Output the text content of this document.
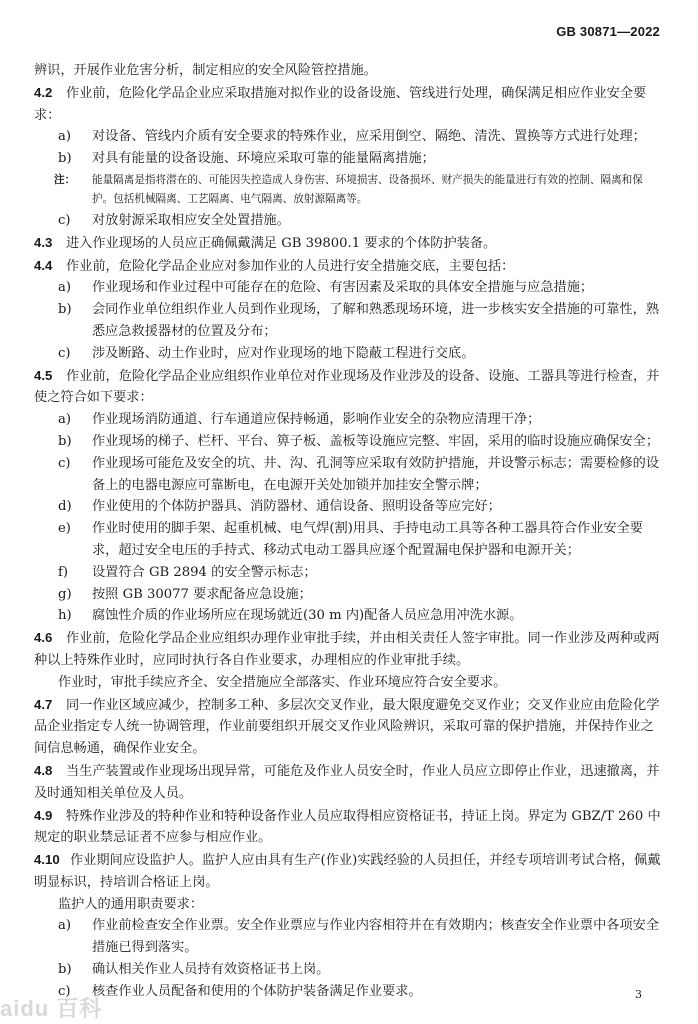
GB 30871—2022

辨识，开展作业危害分析，制定相应的安全风险管控措施。

4.2 作业前，危险化学品企业应采取措施对拟作业的设备设施、管线进行处理，确保满足相应作业安全要求：

a) 对设备、管线内介质有安全要求的特殊作业，应采用倒空、隔绝、清洗、置换等方式进行处理；

b) 对具有能量的设备设施、环境应采取可靠的能量隔离措施；

注： 能量隔离是指将潜在的、可能因失控造成人身伤害、环境损害、设备损坏、财产损失的能量进行有效的控制、隔离和保护。包括机械隔离、工艺隔离、电气隔离、放射源隔离等。

c) 对放射源采取相应安全处置措施。

4.3 进入作业现场的人员应正确佩戴满足 GB 39800.1 要求的个体防护装备。

4.4 作业前，危险化学品企业应对参加作业的人员进行安全措施交底，主要包括：

a) 作业现场和作业过程中可能存在的危险、有害因素及采取的具体安全措施与应急措施；

b) 会同作业单位组织作业人员到作业现场，了解和熟悉现场环境，进一步核实安全措施的可靠性，熟悉应急救援器材的位置及分布；

c) 涉及断路、动土作业时，应对作业现场的地下隐蔽工程进行交底。

4.5 作业前，危险化学品企业应组织作业单位对作业现场及作业涉及的设备、设施、工器具等进行检查，并使之符合如下要求：

a) 作业现场消防通道、行车通道应保持畅通，影响作业安全的杂物应清理干净；

b) 作业现场的梯子、栏杆、平台、箅子板、盖板等设施应完整、牢固，采用的临时设施应确保安全；

c) 作业现场可能危及安全的坑、井、沟、孔洞等应采取有效防护措施，并设警示标志；需要检修的设备上的电器电源应可靠断电，在电源开关处加锁并加挂安全警示牌；

d) 作业使用的个体防护器具、消防器材、通信设备、照明设备等应完好；

e) 作业时使用的脚手架、起重机械、电气焊(割)用具、手持电动工具等各种工器具符合作业安全要求，超过安全电压的手持式、移动式电动工器具应逐个配置漏电保护器和电源开关；

f) 设置符合 GB 2894 的安全警示标志；

g) 按照 GB 30077 要求配备应急设施；

h) 腐蚀性介质的作业场所应在现场就近(30 m 内)配备人员应急用冲洗水源。

4.6 作业前，危险化学品企业应组织办理作业审批手续，并由相关责任人签字审批。同一作业涉及两种或两种以上特殊作业时，应同时执行各自作业要求，办理相应的作业审批手续。

作业时，审批手续应齐全、安全措施应全部落实、作业环境应符合安全要求。

4.7 同一作业区域应减少，控制多工种、多层次交叉作业，最大限度避免交叉作业；交叉作业应由危险化学品企业指定专人统一协调管理，作业前要组织开展交叉作业风险辨识，采取可靠的保护措施，并保持作业之间信息畅通，确保作业安全。

4.8 当生产装置或作业现场出现异常，可能危及作业人员安全时，作业人员应立即停止作业，迅速撤离，并及时通知相关单位及人员。

4.9 特殊作业涉及的特种作业和特种设备作业人员应取得相应资格证书，持证上岗。界定为 GBZ/T 260 中规定的职业禁忌证者不应参与相应作业。

4.10 作业期间应设监护人。监护人应由具有生产(作业)实践经验的人员担任，并经专项培训考试合格，佩戴明显标识，持培训合格证上岗。

监护人的通用职责要求：

a) 作业前检查安全作业票。安全作业票应与作业内容相符并在有效期内；核查安全作业票中各项安全措施已得到落实。

b) 确认相关作业人员持有效资格证书上岗。

c) 核查作业人员配备和使用的个体防护装备满足作业要求。	3
aidu 百科
